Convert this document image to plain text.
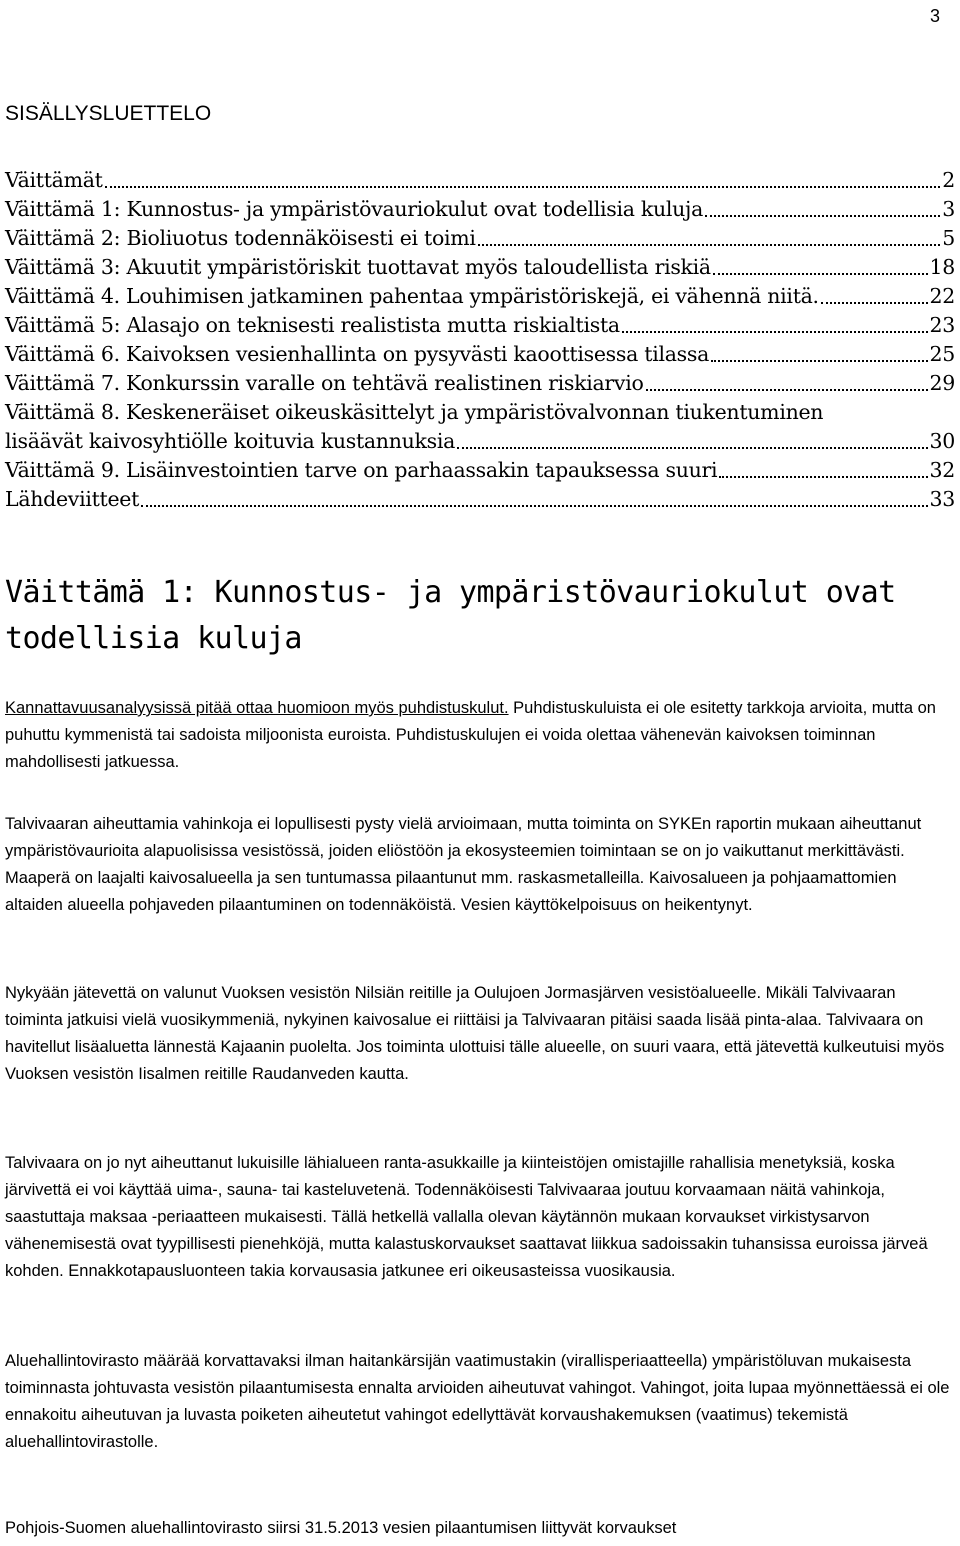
3
SISÄLLYSLUETTELO
Väittämät	2
Väittämä 1: Kunnostus- ja ympäristövauriokulut ovat todellisia kuluja	3
Väittämä 2: Bioliuotus todennäköisesti ei toimi	5
Väittämä 3: Akuutit ympäristöriskit tuottavat myös taloudellista riskiä	18
Väittämä 4. Louhimisen jatkaminen pahentaa ympäristöriskejä, ei vähennä niitä.	22
Väittämä 5: Alasajo on teknisesti realistista mutta riskialtista	23
Väittämä 6. Kaivoksen vesienhallinta on pysyvästi kaoottisessa tilassa	25
Väittämä 7. Konkurssin varalle on tehtävä realistinen riskiarvio	29
Väittämä 8. Keskeneräiset oikeuskäsittelyt ja ympäristövalvonnan tiukentuminen
lisäävät kaivosyhtiölle koituvia kustannuksia	30
Väittämä 9. Lisäinvestointien tarve on parhaassakin tapauksessa suuri	32
Lähdeviitteet	33
Väittämä 1: Kunnostus- ja ympäristövauriokulut ovat todellisia kuluja

Kannattavuusanalyysissä pitää ottaa huomioon myös puhdistuskulut. Puhdistuskuluista ei ole esitetty tarkkoja arvioita, mutta on puhuttu kymmenistä tai sadoista miljoonista euroista. Puhdistuskulujen ei voida olettaa vähenevän kaivoksen toiminnan mahdollisesti jatkuessa.

Talvivaaran aiheuttamia vahinkoja ei lopullisesti pysty vielä arvioimaan, mutta toiminta on SYKEn raportin mukaan aiheuttanut ympäristövaurioita alapuolisissa vesistössä, joiden eliöstöön ja ekosysteemien toimintaan se on jo vaikuttanut merkittävästi. Maaperä on laajalti kaivosalueella ja sen tuntumassa pilaantunut mm. raskasmetalleilla. Kaivosalueen ja pohjaamattomien altaiden alueella pohjaveden pilaantuminen on todennäköistä. Vesien käyttökelpoisuus on heikentynyt.

Nykyään jätevettä on valunut Vuoksen vesistön Nilsiän reitille ja Oulujoen Jormasjärven vesistöalueelle. Mikäli Talvivaaran toiminta jatkuisi vielä vuosikymmeniä, nykyinen kaivosalue ei riittäisi ja Talvivaaran pitäisi saada lisää pinta-alaa. Talvivaara on havitellut lisäaluetta lännestä Kajaanin puolelta. Jos toiminta ulottuisi tälle alueelle, on suuri vaara, että jätevettä kulkeutuisi myös Vuoksen vesistön Iisalmen reitille Raudanveden kautta.

Talvivaara on jo nyt aiheuttanut lukuisille lähialueen ranta-asukkaille ja kiinteistöjen omistajille rahallisia menetyksiä, koska järvivettä ei voi käyttää uima-, sauna- tai kasteluvetenä. Todennäköisesti Talvivaaraa joutuu korvaamaan näitä vahinkoja, saastuttaja maksaa -periaatteen mukaisesti. Tällä hetkellä vallalla olevan käytännön mukaan korvaukset virkistysarvon vähenemisestä ovat tyypillisesti pienehköjä, mutta kalastuskorvaukset saattavat liikkua sadoissakin tuhansissa euroissa järveä kohden. Ennakkotapausluonteen takia korvausasia jatkunee eri oikeusasteissa vuosikausia.

Aluehallintovirasto määrää korvattavaksi ilman haitankärsijän vaatimustakin (virallisperiaatteella) ympäristöluvan mukaisesta toiminnasta johtuvasta vesistön pilaantumisesta ennalta arvioiden aiheutuvat vahingot. Vahingot, joita lupaa myönnettäessä ei ole ennakoitu aiheutuvan ja luvasta poiketen aiheutetut vahingot edellyttävät korvaushakemuksen (vaatimus) tekemistä aluehallintovirastolle.

Pohjois-Suomen aluehallintovirasto siirsi 31.5.2013 vesien pilaantumisen liittyvät korvaukset
